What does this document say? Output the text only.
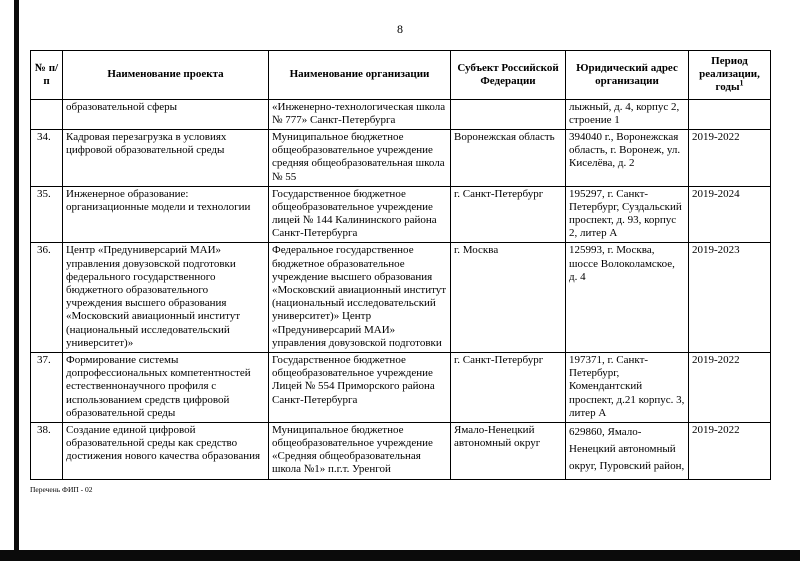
8
№ п/п	Наименование проекта	Наименование организации	Субъект Российской Федерации	Юридический адрес организации	Период реализации, годы$^1$
	образовательной сферы	«Инженерно-технологическая школа № 777» Санкт-Петербурга		лыжный, д. 4, корпус 2, строение 1	
34.	Кадровая перезагрузка в условиях цифровой образовательной среды	Муниципальное бюджетное общеобразовательное учреждение средняя общеобразовательная школа № 55	Воронежская область	394040 г., Воронежская область, г. Воронеж, ул. Киселёва, д. 2	2019-2022
35.	Инженерное образование: организационные модели и технологии	Государственное бюджетное общеобразовательное учреждение лицей № 144 Калининского района Санкт-Петербурга	г. Санкт-Петербург	195297, г. Санкт-Петербург, Суздальский проспект, д. 93, корпус 2, литер А	2019-2024
36.	Центр «Предуниверсарий МАИ» управления довузовской подготовки федерального государственного бюджетного образовательного учреждения высшего образования «Московский авиационный институт (национальный исследовательский университет)»	Федеральное государственное бюджетное образовательное учреждение высшего образования «Московский авиационный институт (национальный исследовательский университет)» Центр «Предуниверсарий МАИ» управления довузовской подготовки	г. Москва	125993, г. Москва, шоссе Волоколамское, д. 4	2019-2023
37.	Формирование системы допрофессиональных компетентностей естественнонаучного профиля с использованием средств цифровой образовательной среды	Государственное бюджетное общеобразовательное учреждение Лицей № 554 Приморского района Санкт-Петербурга	г. Санкт-Петербург	197371, г. Санкт-Петербург, Комендантский проспект, д.21 корпус. 3, литер А	2019-2022
38.	Создание единой цифровой образовательной среды как средство достижения нового качества образования	Муниципальное бюджетное общеобразовательное учреждение «Средняя общеобразовательная школа №1» п.г.т. Уренгой	Ямало-Ненецкий автономный округ	629860, Ямало-Ненецкий автономный округ, Пуровский район,	2019-2022
Перечень ФИП - 02
